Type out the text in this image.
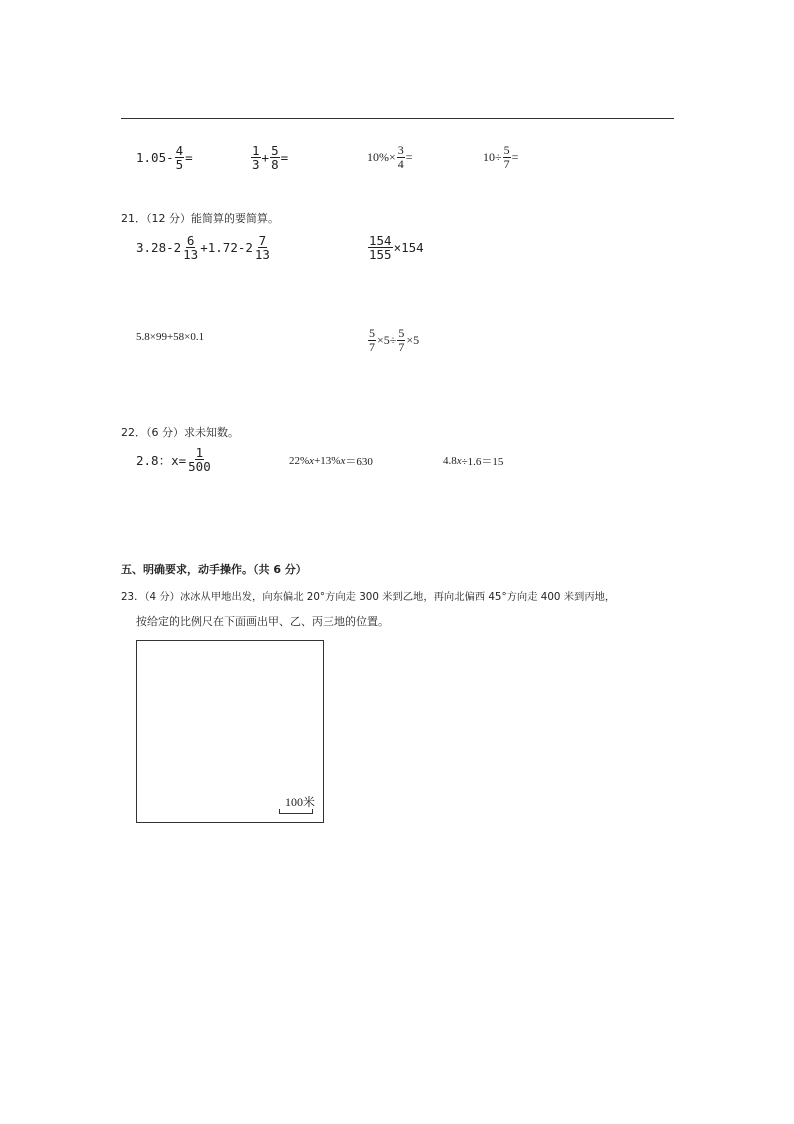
$1.05- \frac{4}{5}$ =	$\frac{1}{3} + \frac{5}{8}$ =	$10\%\times \frac{3}{4}$ =	$10\div \frac{5}{7}$ =
21．（12 分）能简算的要简算。
$3.28-2 \frac{6}{13} +1.72-2 \frac{7}{13}$	$\frac{154}{155} \times 154$
5.8×99+58×0.1	$\frac{5}{7} \times 5\div \frac{5}{7} \times 5$
22．（6 分）求未知数。
2.8：$x= \frac{1}{500}$	22% x +13% x ＝630	4.8 x ÷1.6＝15
五、明确要求，动手操作。（共 6 分）
23．（4 分）冰冰从甲地出发，向东偏北 20°方向走 300 米到乙地，再向北偏西 45°方向走 400 米到丙地，
按给定的比例尺在下面画出甲、乙、丙三地的位置。
100米
